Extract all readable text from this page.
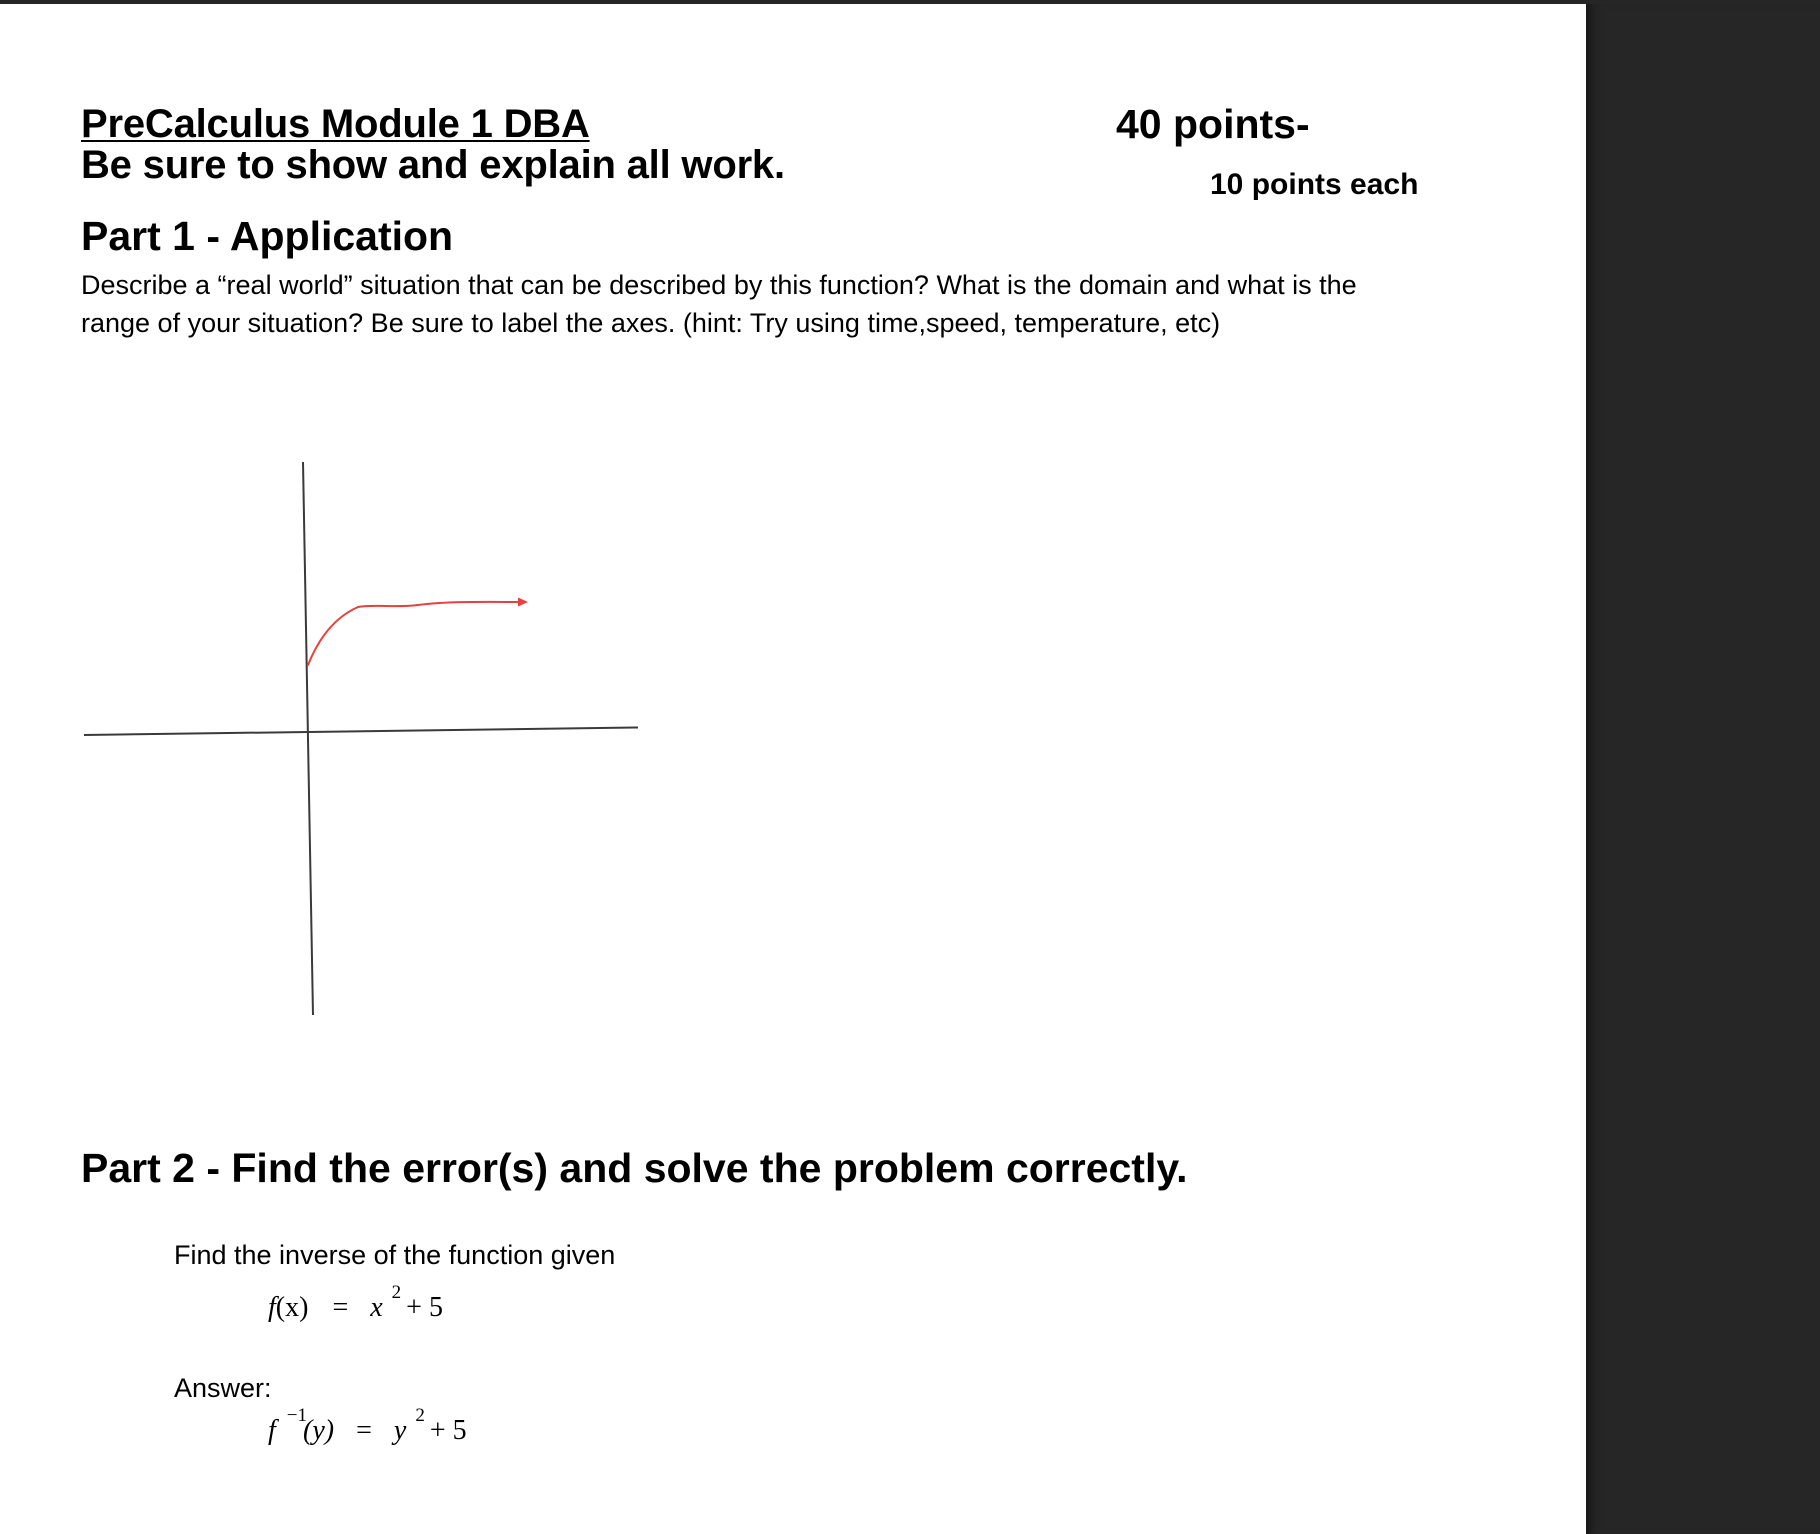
PreCalculus Module 1 DBA
Be sure to show and explain all work.
40 points-
10 points each
Part 1 - Application
Describe a “real world” situation that can be described by this function? What is the domain and what is the
range of your situation? Be sure to label the axes. (hint: Try using time,speed, temperature, etc)
Part 2 - Find the error(s) and solve the problem correctly.
Find the inverse of the function given
f(x) = x $^2$ + 5
Answer:
f $^{-1}$(y) = y $^2$ + 5
